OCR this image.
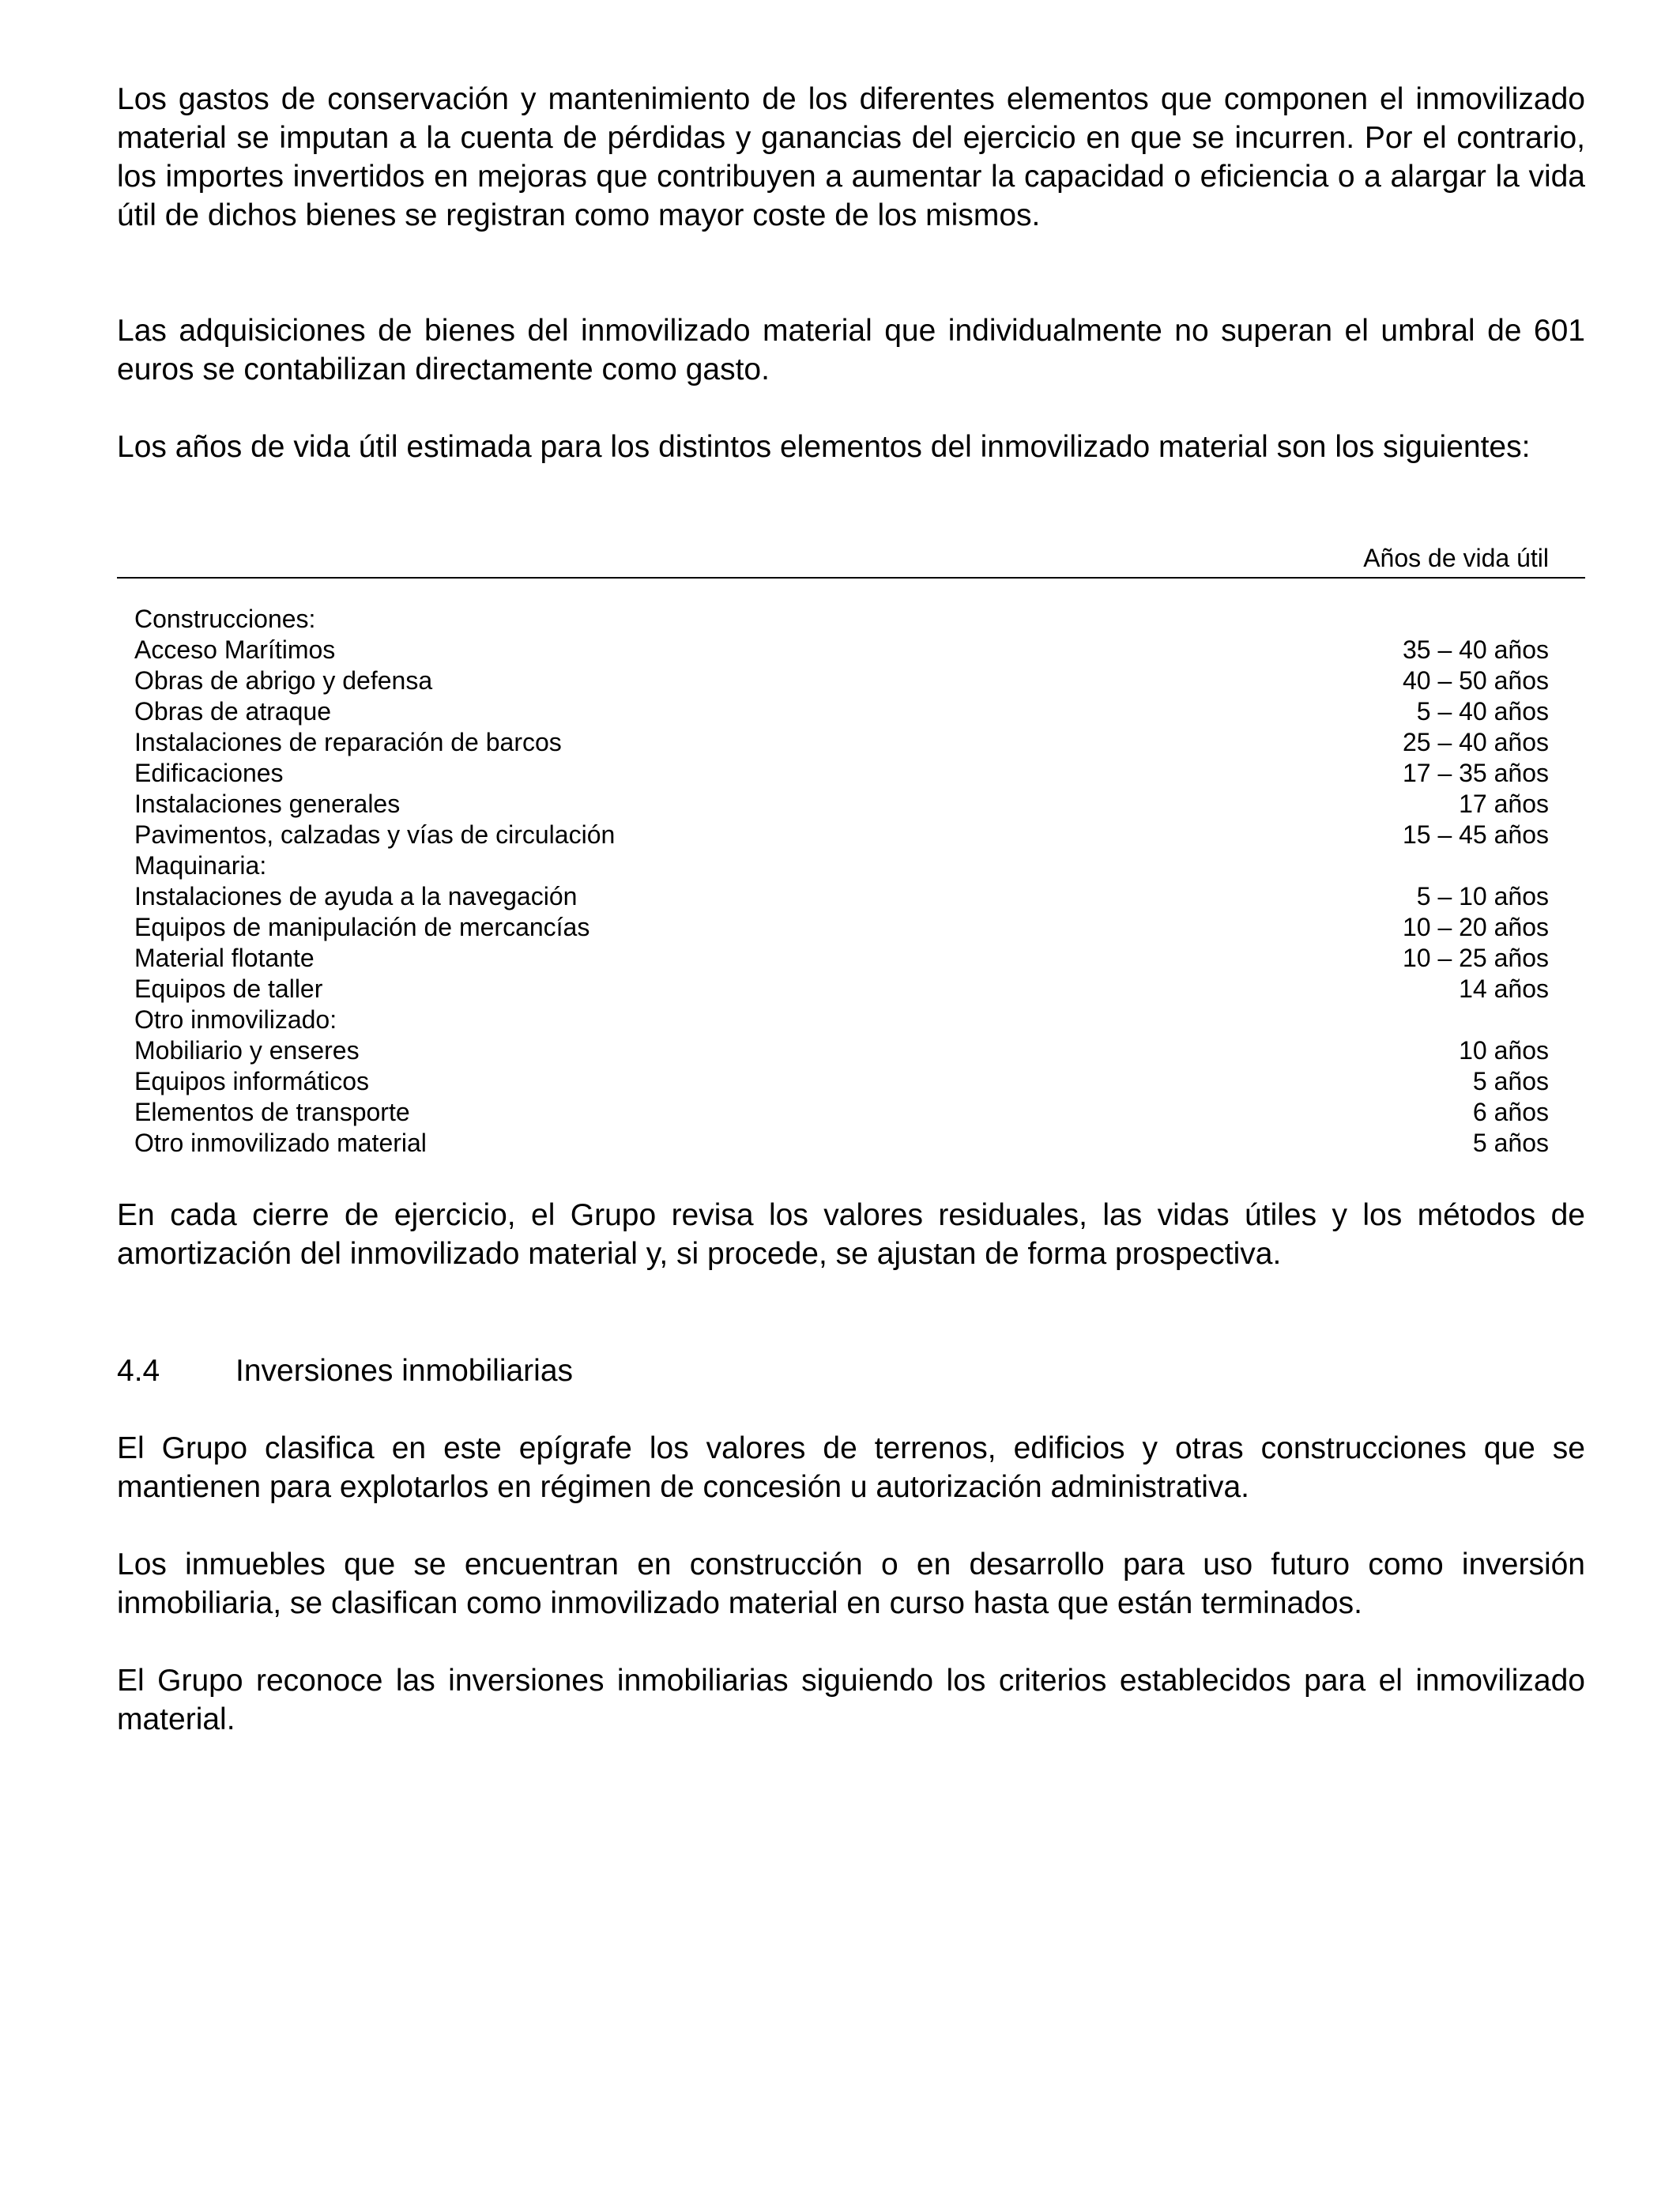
Los gastos de conservación y mantenimiento de los diferentes elementos que componen el inmovilizado material se imputan a la cuenta de pérdidas y ganancias del ejercicio en que se incurren. Por el contrario, los importes invertidos en mejoras que contribuyen a aumentar la capacidad o eficiencia o a alargar la vida útil de dichos bienes se registran como mayor coste de los mismos.

Las adquisiciones de bienes del inmovilizado material que individualmente no superan el umbral de 601 euros se contabilizan directamente como gasto.

Los años de vida útil estimada para los distintos elementos del inmovilizado material son los siguientes:

Años de vida útil
Construcciones:
Acceso Marítimos	35 – 40 años
Obras de abrigo y defensa	40 – 50 años
Obras de atraque	5 – 40 años
Instalaciones de reparación de barcos	25 – 40 años
Edificaciones	17 – 35 años
Instalaciones generales	17 años
Pavimentos, calzadas y vías de circulación	15 – 45 años
Maquinaria:
Instalaciones de ayuda a la navegación	5 – 10 años
Equipos de manipulación de mercancías	10 – 20 años
Material flotante	10 – 25 años
Equipos de taller	14 años
Otro inmovilizado:
Mobiliario y enseres	10 años
Equipos informáticos	5 años
Elementos de transporte	6 años
Otro inmovilizado material	5 años

En cada cierre de ejercicio, el Grupo revisa los valores residuales, las vidas útiles y los métodos de amortización del inmovilizado material y, si procede, se ajustan de forma prospectiva.

4.4 Inversiones inmobiliarias

El Grupo clasifica en este epígrafe los valores de terrenos, edificios y otras construcciones que se mantienen para explotarlos en régimen de concesión u autorización administrativa.

Los inmuebles que se encuentran en construcción o en desarrollo para uso futuro como inversión inmobiliaria, se clasifican como inmovilizado material en curso hasta que están terminados.

El Grupo reconoce las inversiones inmobiliarias siguiendo los criterios establecidos para el inmovilizado material.
